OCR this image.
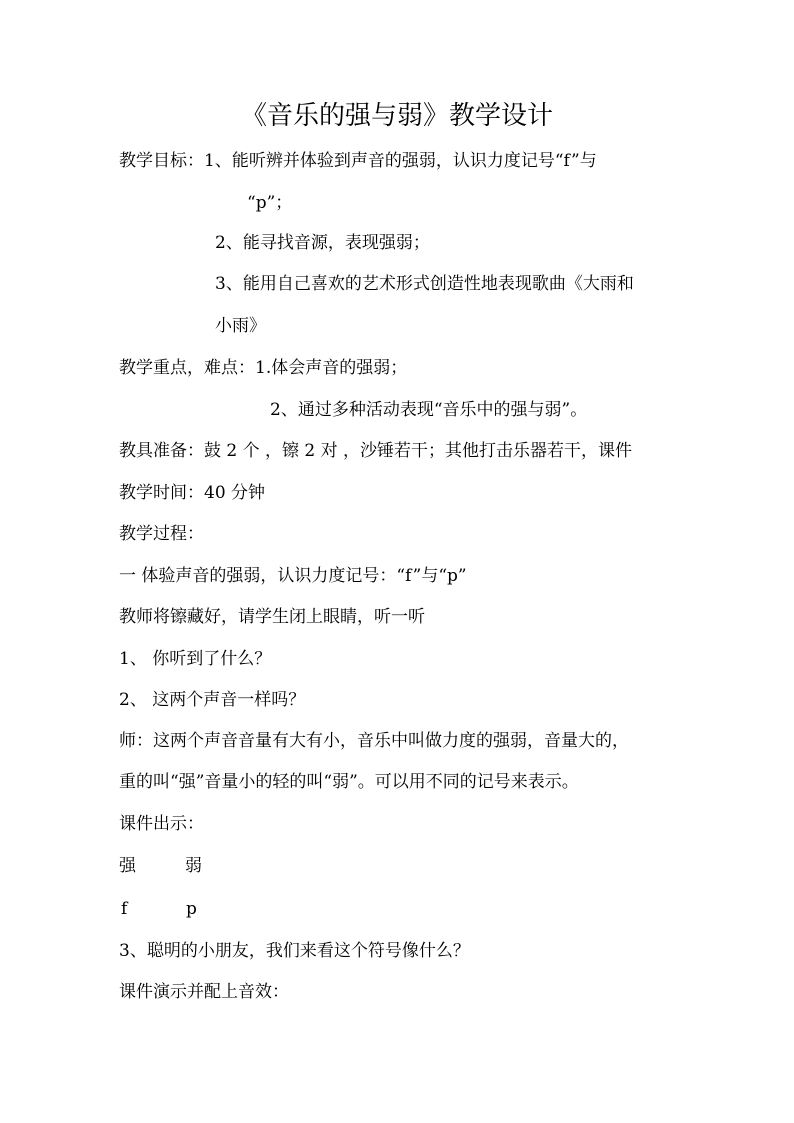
《音乐的强与弱》教学设计
教学目标：1、能听辨并体验到声音的强弱，认识力度记号“f”与
“p”；
2、能寻找音源，表现强弱；
3、能用自己喜欢的艺术形式创造性地表现歌曲《大雨和
小雨》
教学重点，难点：1.体会声音的强弱；
2、通过多种活动表现“音乐中的强与弱”。
教具准备：鼓 2 个 ，镲 2 对 ，沙锤若干；其他打击乐器若干，课件
教学时间：40 分钟
教学过程：
一 体验声音的强弱，认识力度记号：“f”与“p”
教师将镲藏好，请学生闭上眼睛，听一听
1、 你听到了什么？
2、 这两个声音一样吗？
师：这两个声音音量有大有小，音乐中叫做力度的强弱，音量大的，
重的叫“强”音量小的轻的叫“弱”。可以用不同的记号来表示。
课件出示：
强	弱
f	p
3、聪明的小朋友，我们来看这个符号像什么？
课件演示并配上音效：
